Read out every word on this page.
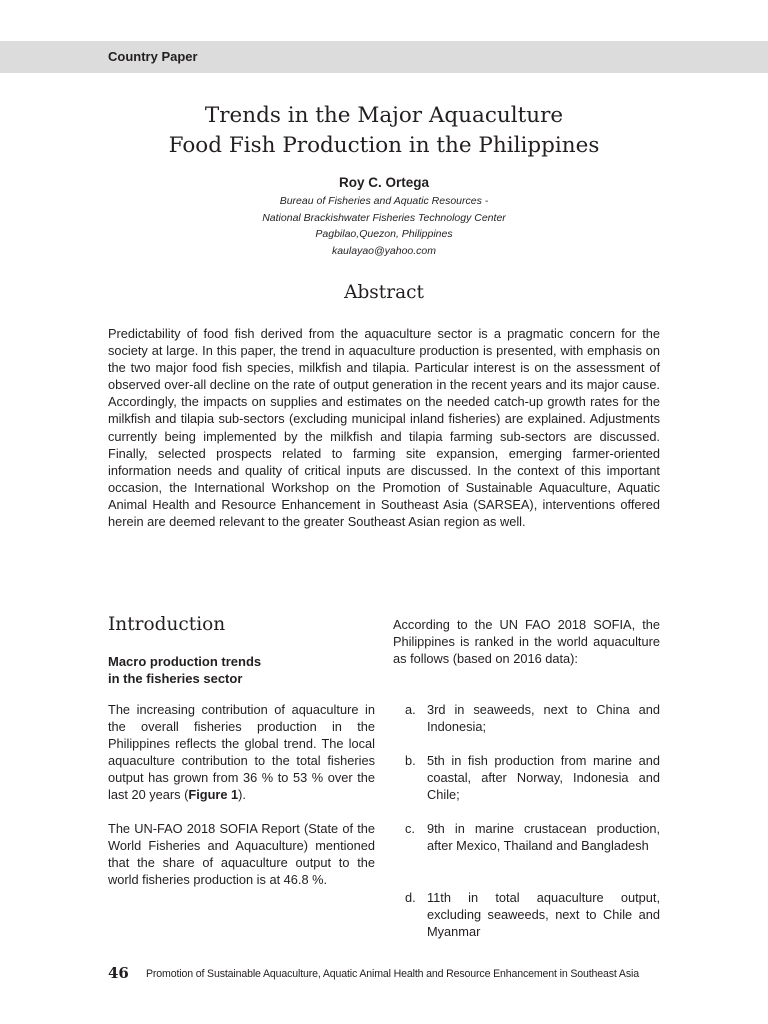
Country Paper
Trends in the Major Aquaculture
Food Fish Production in the Philippines
Roy C. Ortega
Bureau of Fisheries and Aquatic Resources -
National Brackishwater Fisheries Technology Center
Pagbilao,Quezon, Philippines
kaulayao@yahoo.com
Abstract

Predictability of food fish derived from the aquaculture sector is a pragmatic concern for the society at large. In this paper, the trend in aquaculture production is presented, with emphasis on the two major food fish species, milkfish and tilapia. Particular interest is on the assessment of observed over-all decline on the rate of output generation in the recent years and its major cause. Accordingly, the impacts on supplies and estimates on the needed catch-up growth rates for the milkfish and tilapia sub-sectors (excluding municipal inland fisheries) are explained. Adjustments currently being implemented by the milkfish and tilapia farming sub-sectors are discussed. Finally, selected prospects related to farming site expansion, emerging farmer-oriented information needs and quality of critical inputs are discussed. In the context of this important occasion, the International Workshop on the Promotion of Sustainable Aquaculture, Aquatic Animal Health and Resource Enhancement in Southeast Asia (SARSEA), interventions offered herein are deemed relevant to the greater Southeast Asian region as well.

Introduction
Macro production trends
in the fisheries sector

The increasing contribution of aquaculture in the overall fisheries production in the Philippines reflects the global trend. The local aquaculture contribution to the total fisheries output has grown from 36 % to 53 % over the last 20 years (Figure 1).

The UN-FAO 2018 SOFIA Report (State of the World Fisheries and Aquaculture) mentioned that the share of aquaculture output to the world fisheries production is at 46.8 %.

According to the UN FAO 2018 SOFIA, the Philippines is ranked in the world aquaculture as follows (based on 2016 data):

a. 3rd in seaweeds, next to China and Indonesia;
b. 5th in fish production from marine and coastal, after Norway, Indonesia and Chile;
c. 9th in marine crustacean production, after Mexico, Thailand and Bangladesh
d. 11th in total aquaculture output, excluding seaweeds, next to Chile and Myanmar
46 Promotion of Sustainable Aquaculture, Aquatic Animal Health and Resource Enhancement in Southeast Asia
